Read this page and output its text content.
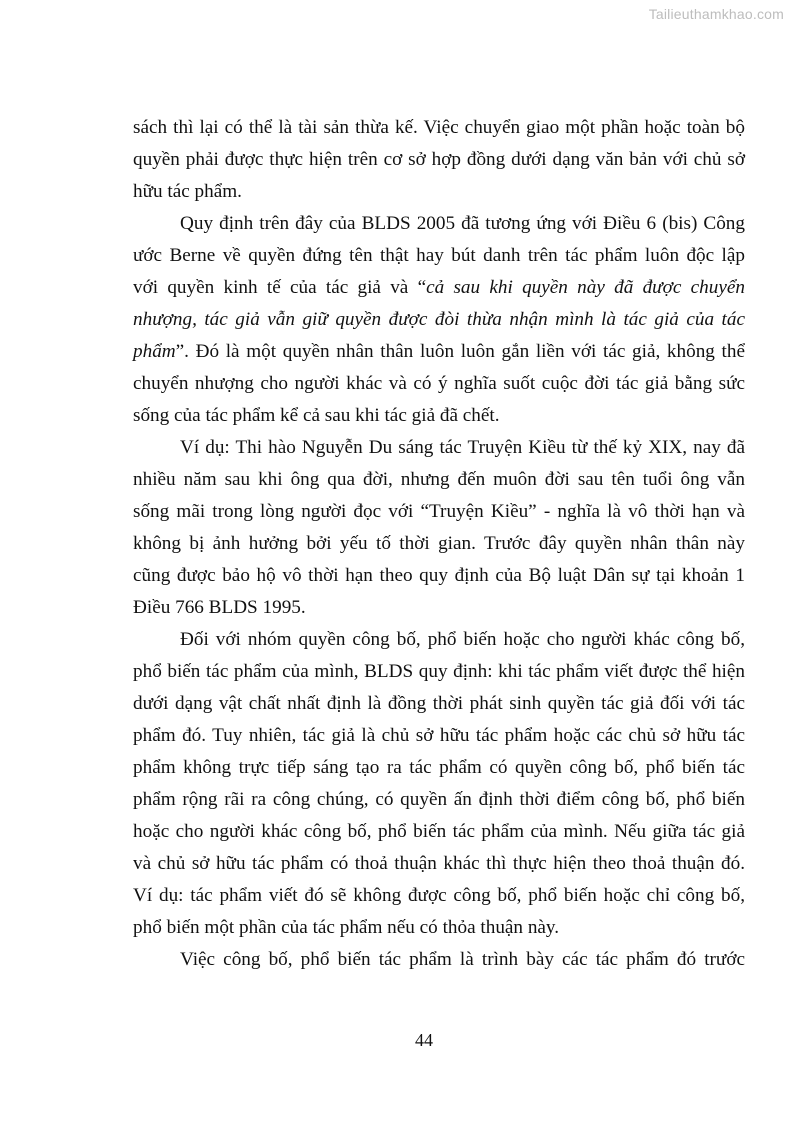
Tailieuthamkhao.com
sách thì lại có thể là tài sản thừa kế. Việc chuyển giao một phần hoặc toàn bộ
quyền phải được thực hiện trên cơ sở hợp đồng dưới dạng văn bản với chủ sở
hữu tác phẩm.
Quy định trên đây của BLDS 2005 đã tương ứng với Điều 6 (bis) Công
ước Berne về quyền đứng tên thật hay bút danh trên tác phẩm luôn độc lập
với quyền kinh tế của tác giả và “cả sau khi quyền này đã được chuyển
nhượng, tác giả vẫn giữ quyền được đòi thừa nhận mình là tác giả của tác
phẩm”. Đó là một quyền nhân thân luôn luôn gắn liền với tác giả, không thể
chuyển nhượng cho người khác và có ý nghĩa suốt cuộc đời tác giả bằng sức
sống của tác phẩm kể cả sau khi tác giả đã chết.
Ví dụ: Thi hào Nguyễn Du sáng tác Truyện Kiều từ thế kỷ XIX, nay đã
nhiều năm sau khi ông qua đời, nhưng đến muôn đời sau tên tuổi ông vẫn
sống mãi trong lòng người đọc với “Truyện Kiều” - nghĩa là vô thời hạn và
không bị ảnh hưởng bởi yếu tố thời gian. Trước đây quyền nhân thân này
cũng được bảo hộ vô thời hạn theo quy định của Bộ luật Dân sự tại khoản 1
Điều 766 BLDS 1995.
Đối với nhóm quyền công bố, phổ biến hoặc cho người khác công bố,
phổ biến tác phẩm của mình, BLDS quy định: khi tác phẩm viết được thể hiện
dưới dạng vật chất nhất định là đồng thời phát sinh quyền tác giả đối với tác
phẩm đó. Tuy nhiên, tác giả là chủ sở hữu tác phẩm hoặc các chủ sở hữu tác
phẩm không trực tiếp sáng tạo ra tác phẩm có quyền công bố, phổ biến tác
phẩm rộng rãi ra công chúng, có quyền ấn định thời điểm công bố, phổ biến
hoặc cho người khác công bố, phổ biến tác phẩm của mình. Nếu giữa tác giả
và chủ sở hữu tác phẩm có thoả thuận khác thì thực hiện theo thoả thuận đó.
Ví dụ: tác phẩm viết đó sẽ không được công bố, phổ biến hoặc chỉ công bố,
phổ biến một phần của tác phẩm nếu có thỏa thuận này.
Việc công bố, phổ biến tác phẩm là trình bày các tác phẩm đó trước
44
